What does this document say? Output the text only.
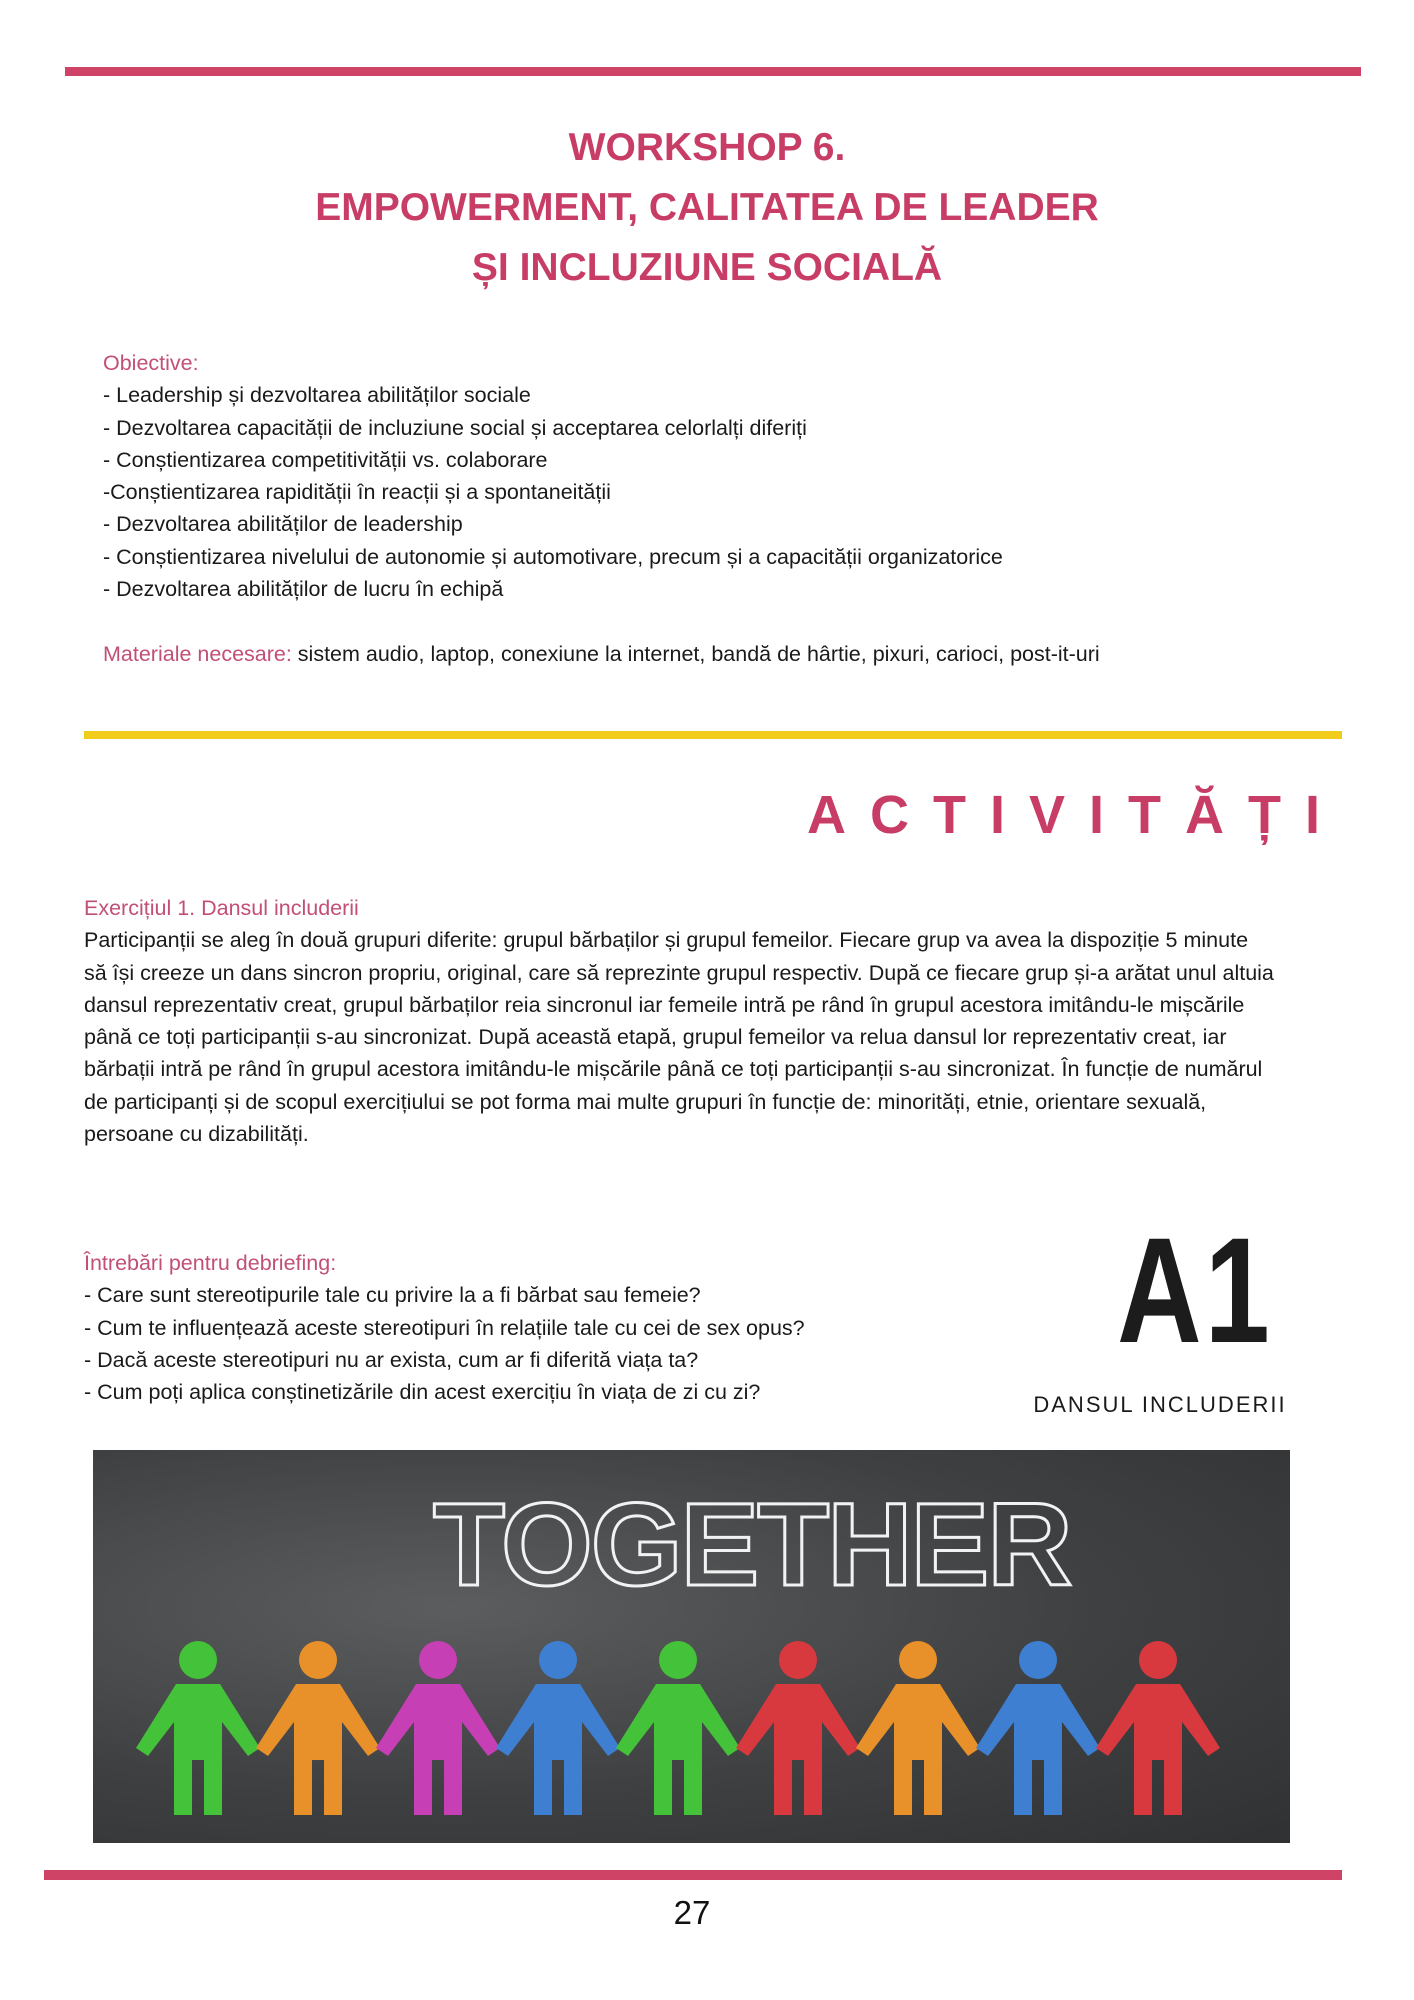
WORKSHOP 6.
EMPOWERMENT, CALITATEA DE LEADER
ȘI INCLUZIUNE SOCIALĂ

Obiective:

- Leadership și dezvoltarea abilităților sociale

- Dezvoltarea capacității de incluziune social și acceptarea celorlalți diferiți

- Conștientizarea competitivității vs. colaborare

-Conștientizarea rapidității în reacții și a spontaneității

- Dezvoltarea abilităților de leadership

- Conștientizarea nivelului de autonomie și automotivare, precum și a capacității organizatorice

- Dezvoltarea abilităților de lucru în echipă

Materiale necesare: sistem audio, laptop, conexiune la internet, bandă de hârtie, pixuri, carioci, post-it-uri
ACTIVITĂȚI
Exercițiul 1. Dansul includerii
Participanții se aleg în două grupuri diferite: grupul bărbaților și grupul femeilor. Fiecare grup va avea la dispoziție 5 minute să își creeze un dans sincron propriu, original, care să reprezinte grupul respectiv. După ce fiecare grup și-a arătat unul altuia dansul reprezentativ creat, grupul bărbaților reia sincronul iar femeile intră pe rând în grupul acestora imitându-le mișcările până ce toți participanții s-au sincronizat. După această etapă, grupul femeilor va relua dansul lor reprezentativ creat, iar bărbații intră pe rând în grupul acestora imitându-le mișcările până ce toți participanții s-au sincronizat. În funcție de numărul de participanți și de scopul exercițiului se pot forma mai multe grupuri în funcție de: minorități, etnie, orientare sexuală, persoane cu dizabilități.

Întrebări pentru debriefing:

- Care sunt stereotipurile tale cu privire la a fi bărbat sau femeie?

- Cum te influențează aceste stereotipuri în relațiile tale cu cei de sex opus?

- Dacă aceste stereotipuri nu ar exista, cum ar fi diferită viața ta?

- Cum poți aplica conștinetizările din acest exercițiu în viața de zi cu zi?

A1
DANSUL INCLUDERII
TOGETHER
27
